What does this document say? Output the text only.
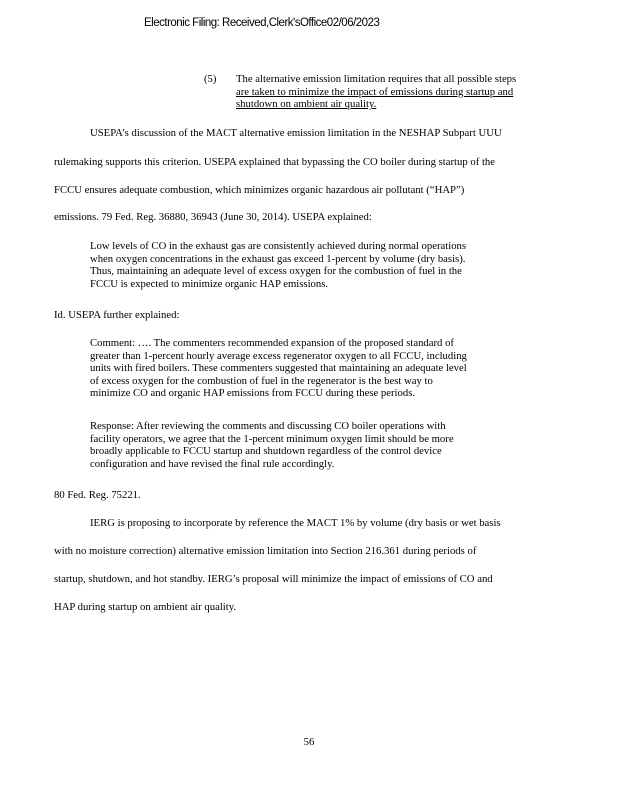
Electronic Filing: Received,Clerk'sOffice02/06/2023
(5) The alternative emission limitation requires that all possible steps
are taken to minimize the impact of emissions during startup and
shutdown on ambient air quality.
USEPA’s discussion of the MACT alternative emission limitation in the NESHAP Subpart UUU
rulemaking supports this criterion. USEPA explained that bypassing the CO boiler during startup of the
FCCU ensures adequate combustion, which minimizes organic hazardous air pollutant (“HAP”)
emissions. 79 Fed. Reg. 36880, 36943 (June 30, 2014). USEPA explained:
Low levels of CO in the exhaust gas are consistently achieved during normal operations
when oxygen concentrations in the exhaust gas exceed 1-percent by volume (dry basis).
Thus, maintaining an adequate level of excess oxygen for the combustion of fuel in the
FCCU is expected to minimize organic HAP emissions.
Id. USEPA further explained:
Comment: …. The commenters recommended expansion of the proposed standard of
greater than 1-percent hourly average excess regenerator oxygen to all FCCU, including
units with fired boilers. These commenters suggested that maintaining an adequate level
of excess oxygen for the combustion of fuel in the regenerator is the best way to
minimize CO and organic HAP emissions from FCCU during these periods.
Response: After reviewing the comments and discussing CO boiler operations with
facility operators, we agree that the 1-percent minimum oxygen limit should be more
broadly applicable to FCCU startup and shutdown regardless of the control device
configuration and have revised the final rule accordingly.
80 Fed. Reg. 75221.
IERG is proposing to incorporate by reference the MACT 1% by volume (dry basis or wet basis
with no moisture correction) alternative emission limitation into Section 216.361 during periods of
startup, shutdown, and hot standby. IERG’s proposal will minimize the impact of emissions of CO and
HAP during startup on ambient air quality.
56
